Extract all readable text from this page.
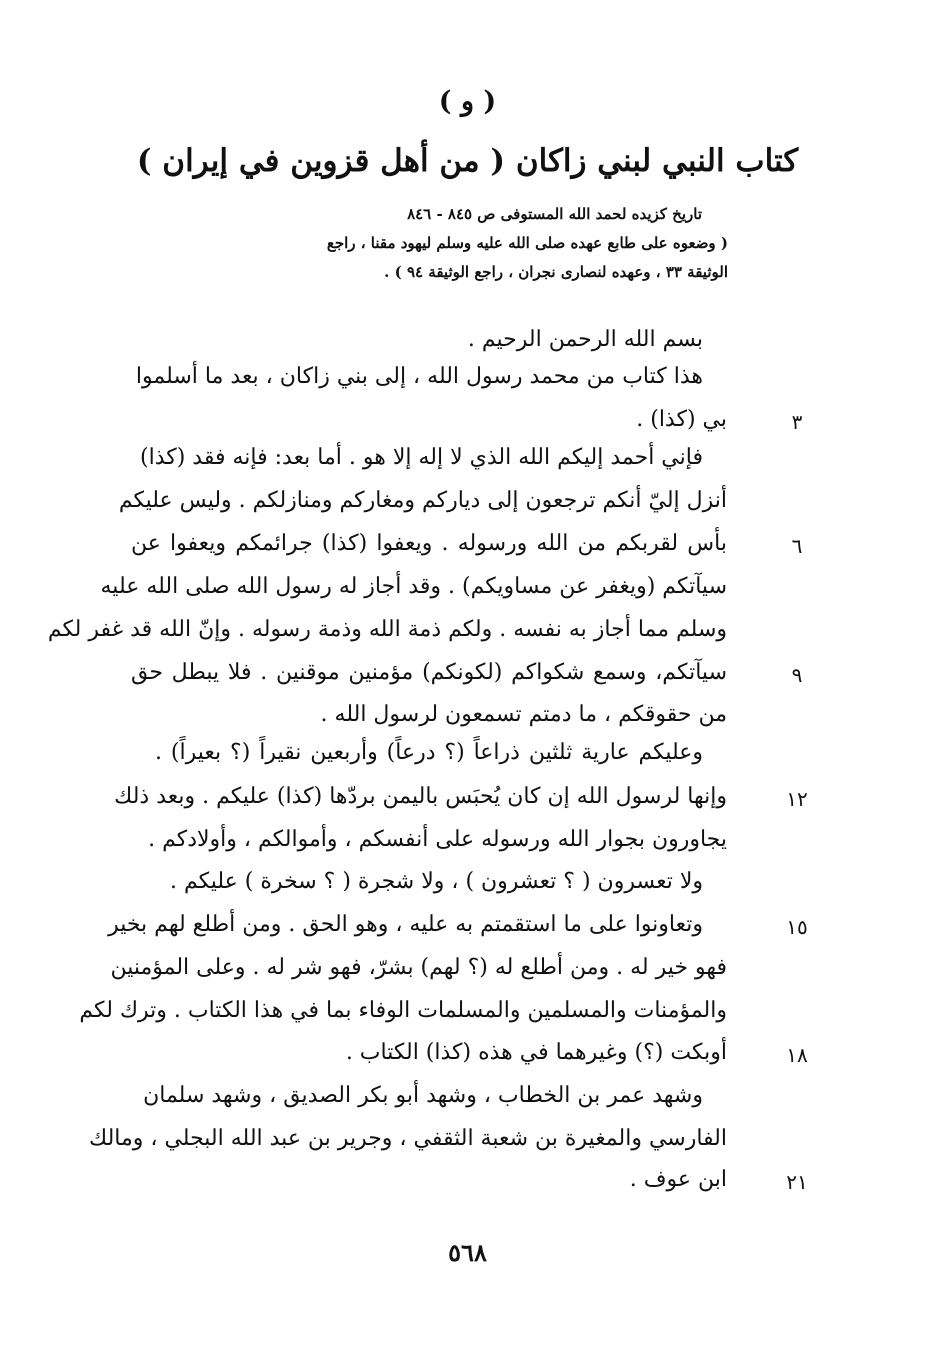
( و )
كتاب النبي لبني زاكان ( من أهل قزوين في إيران )
تاريخ كزيده لحمد الله المستوفى ص ٨٤٥ - ٨٤٦
( وضعوه على طابع عهده صلى الله عليه وسلم ليهود مقنا ، راجع
الوثيقة ٣٣ ، وعهده لنصارى نجران ، راجع الوثيقة ٩٤ ) .
بسم الله الرحمن الرحيم .
هذا كتاب من محمد رسول الله ، إلى بني زاكان ، بعد ما أسلموا
بي (كذا) .	٣
فإني أحمد إليكم الله الذي لا إله إلا هو . أما بعد: فإنه فقد (كذا)
أنزل إليّ أنكم ترجعون إلى دياركم ومغاركم ومنازلكم . وليس عليكم
بأس لقربكم من الله ورسوله . ويعفوا (كذا) جرائمكم ويعفوا عن	٦
سيآتكم (ويغفر عن مساويكم) . وقد أجاز له رسول الله صلى الله عليه
وسلم مما أجاز به نفسه . ولكم ذمة الله وذمة رسوله . وإنّ الله قد غفر لكم
سيآتكم، وسمع شكواكم (لكونكم) مؤمنين موقنين . فلا يبطل حق	٩
من حقوقكم ، ما دمتم تسمعون لرسول الله .
وعليكم عارية ثلثين ذراعاً (؟ درعاً) وأربعين نقيراً (؟ بعيراً) .
وإنها لرسول الله إن كان يُحبَس باليمن بردّها (كذا) عليكم . وبعد ذلك	١٢
يجاورون بجوار الله ورسوله على أنفسكم ، وأموالكم ، وأولادكم .
ولا تعسرون ( ؟ تعشرون ) ، ولا شجرة ( ؟ سخرة ) عليكم .
وتعاونوا على ما استقمتم به عليه ، وهو الحق . ومن أطلع لهم بخير	١٥
فهو خير له . ومن أطلع له (؟ لهم) بشرّ، فهو شر له . وعلى المؤمنين
والمؤمنات والمسلمين والمسلمات الوفاء بما في هذا الكتاب . وترك لكم
أوبكت (؟) وغيرهما في هذه (كذا) الكتاب .	١٨
وشهد عمر بن الخطاب ، وشهد أبو بكر الصديق ، وشهد سلمان
الفارسي والمغيرة بن شعبة الثقفي ، وجرير بن عبد الله البجلي ، ومالك
ابن عوف .	٢١
٥٦٨
